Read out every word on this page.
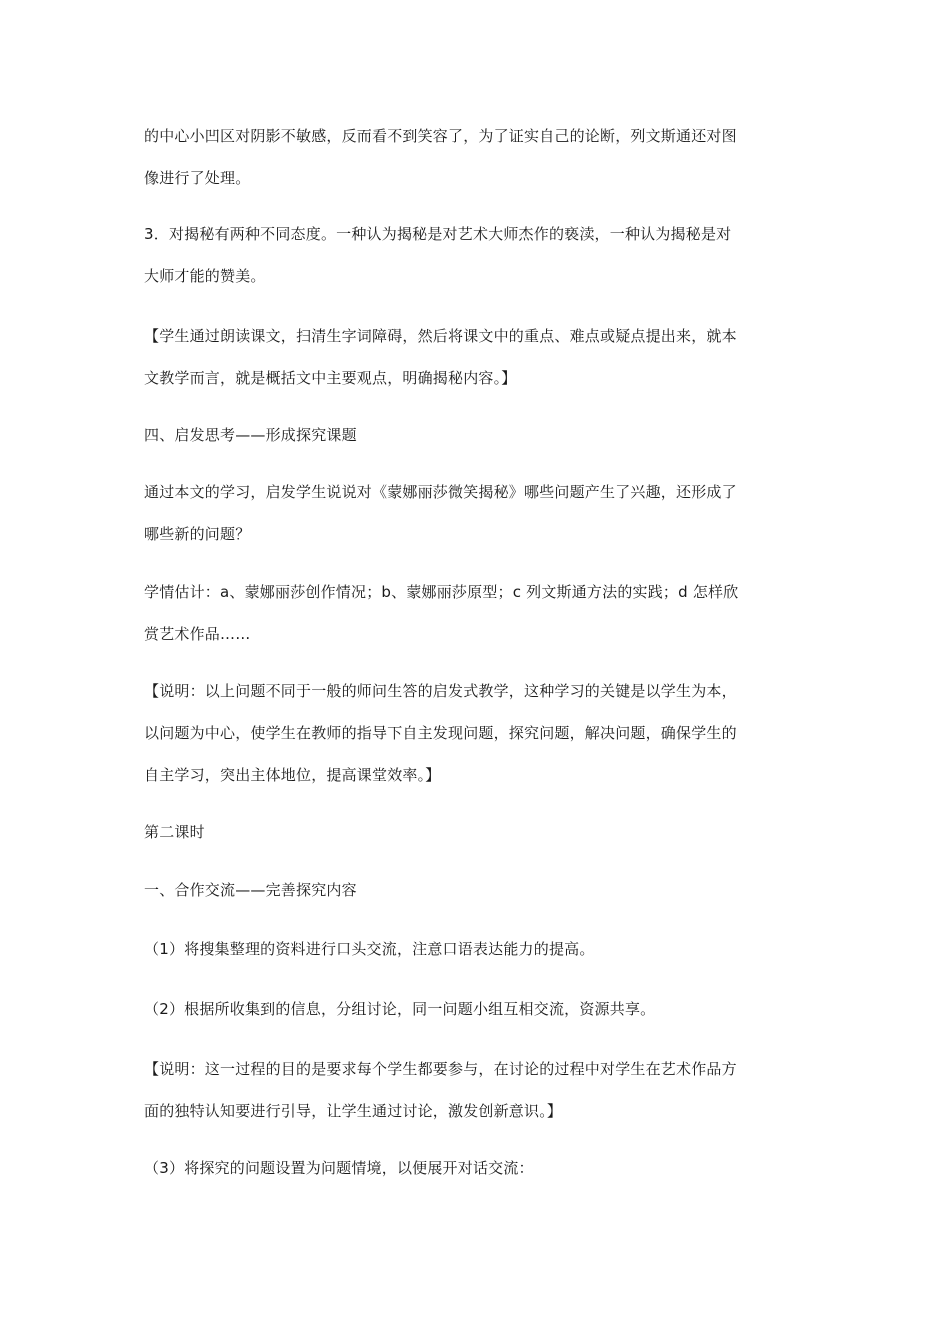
的中心小凹区对阴影不敏感，反而看不到笑容了，为了证实自己的论断，列文斯通还对图
像进行了处理。
3．对揭秘有两种不同态度。一种认为揭秘是对艺术大师杰作的亵渎，一种认为揭秘是对
大师才能的赞美。
【学生通过朗读课文，扫清生字词障碍，然后将课文中的重点、难点或疑点提出来，就本
文教学而言，就是概括文中主要观点，明确揭秘内容。】
四、启发思考——形成探究课题
通过本文的学习，启发学生说说对《蒙娜丽莎微笑揭秘》哪些问题产生了兴趣，还形成了
哪些新的问题？
学情估计：a、蒙娜丽莎创作情况；b、蒙娜丽莎原型；c 列文斯通方法的实践；d 怎样欣
赏艺术作品……
【说明：以上问题不同于一般的师问生答的启发式教学，这种学习的关键是以学生为本，
以问题为中心，使学生在教师的指导下自主发现问题，探究问题，解决问题，确保学生的
自主学习，突出主体地位，提高课堂效率。】
第二课时
一、合作交流——完善探究内容
（1）将搜集整理的资料进行口头交流，注意口语表达能力的提高。
（2）根据所收集到的信息，分组讨论，同一问题小组互相交流，资源共享。
【说明：这一过程的目的是要求每个学生都要参与，在讨论的过程中对学生在艺术作品方
面的独特认知要进行引导，让学生通过讨论，激发创新意识。】
（3）将探究的问题设置为问题情境，以便展开对话交流：
